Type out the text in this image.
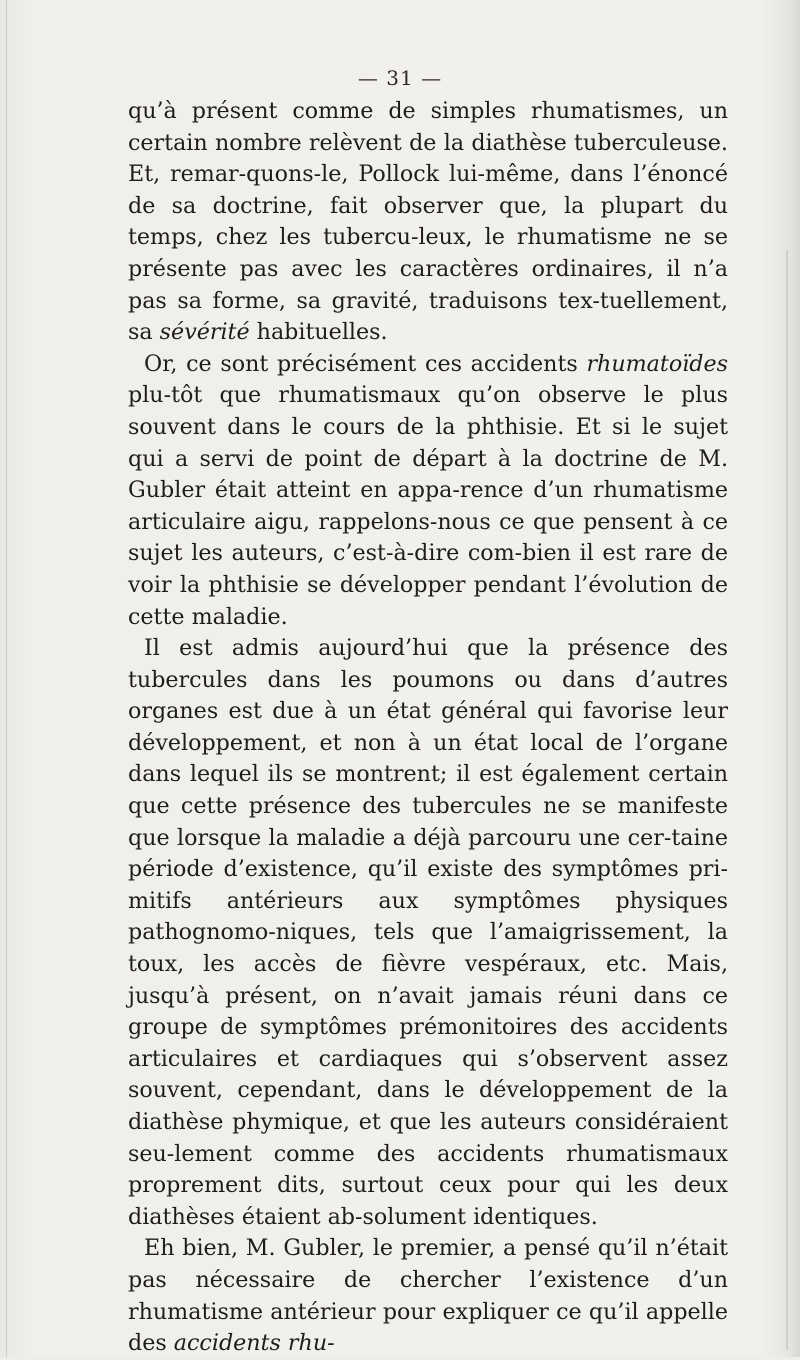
— 31 —

qu’à présent comme de simples rhumatismes, un certain nombre relèvent de la diathèse tuberculeuse. Et, remar-quons-le, Pollock lui-même, dans l’énoncé de sa doctrine, fait observer que, la plupart du temps, chez les tubercu-leux, le rhumatisme ne se présente pas avec les caractères ordinaires, il n’a pas sa forme, sa gravité, traduisons tex-tuellement, sa sévérité habituelles.

Or, ce sont précisément ces accidents rhumatoïdes plu-tôt que rhumatismaux qu’on observe le plus souvent dans le cours de la phthisie. Et si le sujet qui a servi de point de départ à la doctrine de M. Gubler était atteint en appa-rence d’un rhumatisme articulaire aigu, rappelons-nous ce que pensent à ce sujet les auteurs, c’est-à-dire com-bien il est rare de voir la phthisie se développer pendant l’évolution de cette maladie.

Il est admis aujourd’hui que la présence des tubercules dans les poumons ou dans d’autres organes est due à un état général qui favorise leur développement, et non à un état local de l’organe dans lequel ils se montrent; il est également certain que cette présence des tubercules ne se manifeste que lorsque la maladie a déjà parcouru une cer-taine période d’existence, qu’il existe des symptômes pri-mitifs antérieurs aux symptômes physiques pathognomo-niques, tels que l’amaigrissement, la toux, les accès de fièvre vespéraux, etc. Mais, jusqu’à présent, on n’avait jamais réuni dans ce groupe de symptômes prémonitoires des accidents articulaires et cardiaques qui s’observent assez souvent, cependant, dans le développement de la diathèse phymique, et que les auteurs considéraient seu-lement comme des accidents rhumatismaux proprement dits, surtout ceux pour qui les deux diathèses étaient ab-solument identiques.

Eh bien, M. Gubler, le premier, a pensé qu’il n’était pas nécessaire de chercher l’existence d’un rhumatisme antérieur pour expliquer ce qu’il appelle des accidents rhu-
